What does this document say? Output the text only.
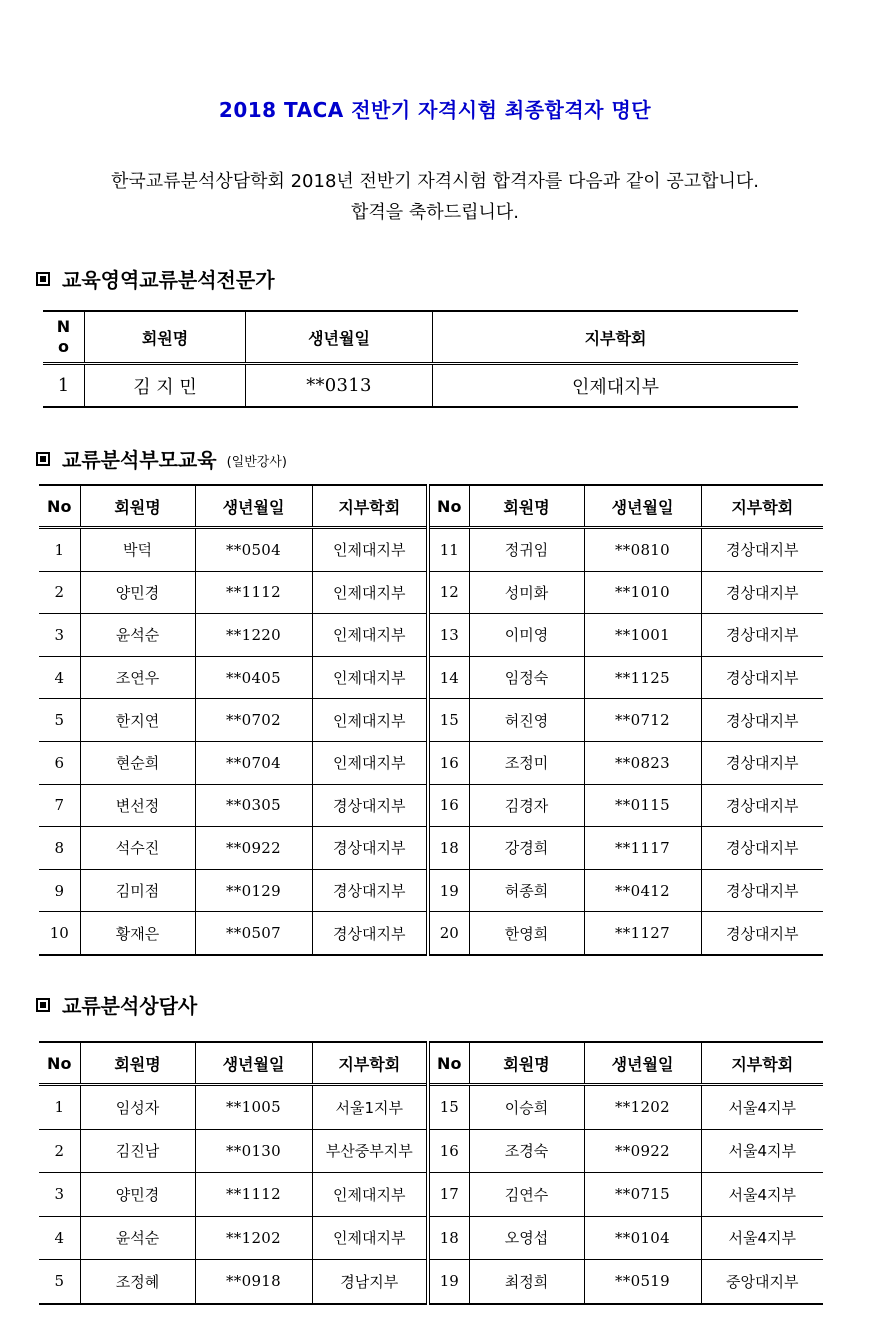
2018 TACA 전반기 자격시험 최종합격자 명단
한국교류분석상담학회 2018년 전반기 자격시험 합격자를 다음과 같이 공고합니다.
합격을 축하드립니다.
교육영역교류분석전문가
N
o	회원명	생년월일	지부학회
1	김 지 민	**0313	인제대지부
교류분석부모교육 (일반강사)
No	회원명	생년월일	지부학회	No	회원명	생년월일	지부학회
1	박덕	**0504	인제대지부	11	정귀임	**0810	경상대지부
2	양민경	**1112	인제대지부	12	성미화	**1010	경상대지부
3	윤석순	**1220	인제대지부	13	이미영	**1001	경상대지부
4	조연우	**0405	인제대지부	14	임정숙	**1125	경상대지부
5	한지연	**0702	인제대지부	15	허진영	**0712	경상대지부
6	현순희	**0704	인제대지부	16	조정미	**0823	경상대지부
7	변선정	**0305	경상대지부	16	김경자	**0115	경상대지부
8	석수진	**0922	경상대지부	18	강경희	**1117	경상대지부
9	김미점	**0129	경상대지부	19	허종희	**0412	경상대지부
10	황재은	**0507	경상대지부	20	한영희	**1127	경상대지부
교류분석상담사
No	회원명	생년월일	지부학회	No	회원명	생년월일	지부학회
1	임성자	**1005	서울1지부	15	이승희	**1202	서울4지부
2	김진남	**0130	부산중부지부	16	조경숙	**0922	서울4지부
3	양민경	**1112	인제대지부	17	김연수	**0715	서울4지부
4	윤석순	**1202	인제대지부	18	오영섭	**0104	서울4지부
5	조정혜	**0918	경남지부	19	최정희	**0519	중앙대지부
